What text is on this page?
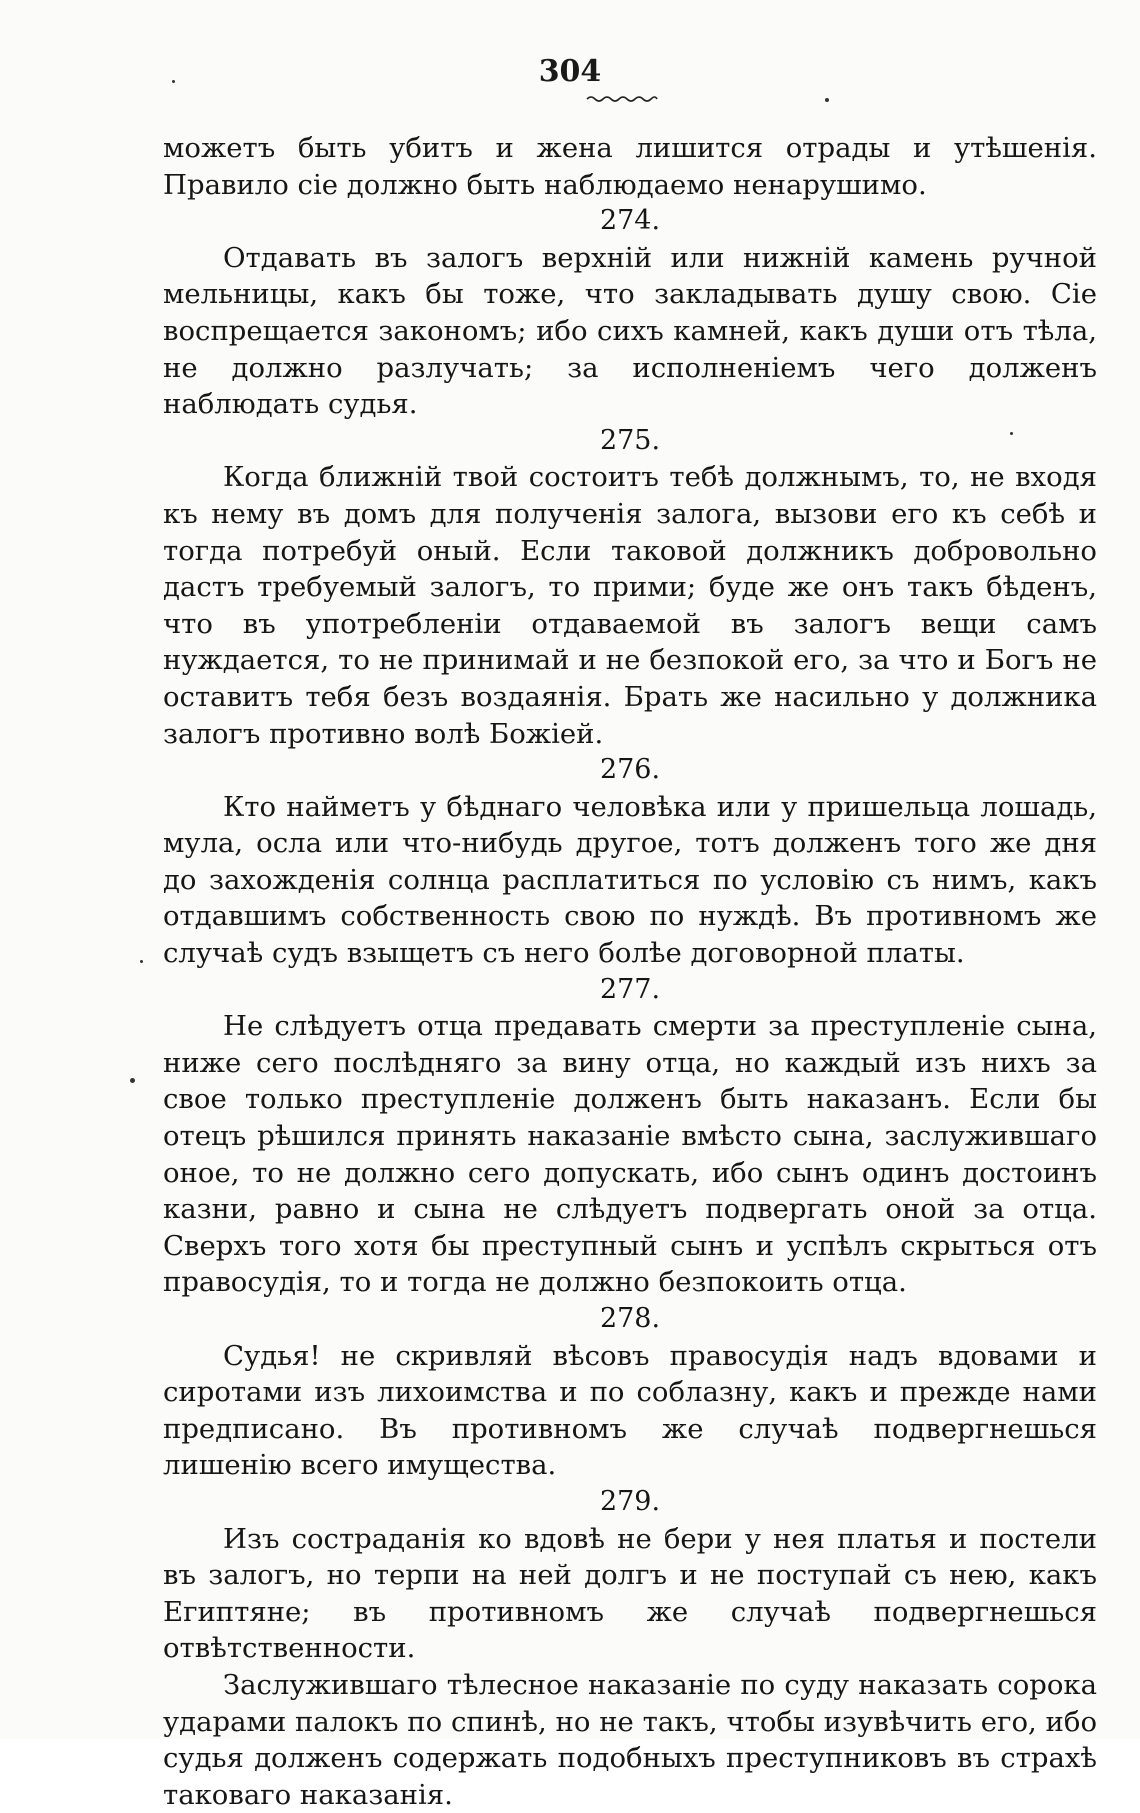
304

можетъ быть убитъ и жена лишится отрады и утѣшенія. Правило сіе должно быть наблюдаемо ненарушимо.

274.

Отдавать въ залогъ верхній или нижній камень ручной мельницы, какъ бы тоже, что закладывать душу свою. Сіе воспрещается закономъ; ибо сихъ камней, какъ души отъ тѣла, не должно разлучать; за исполненіемъ чего долженъ наблюдать судья.

275.

Когда ближній твой состоитъ тебѣ должнымъ, то, не входя къ нему въ домъ для полученія залога, вызови его къ себѣ и тогда потребуй оный. Если таковой должникъ добровольно дастъ требуемый залогъ, то прими; буде же онъ такъ бѣденъ, что въ употребленіи отдаваемой въ залогъ вещи самъ нуждается, то не принимай и не безпокой его, за что и Богъ не оставитъ тебя безъ воздаянія. Брать же насильно у должника залогъ противно волѣ Божіей.

276.

Кто найметъ у бѣднаго человѣка или у пришельца лошадь, мула, осла или что-нибудь другое, тотъ долженъ того же дня до захожденія солнца расплатиться по условію съ нимъ, какъ отдавшимъ собственность свою по нуждѣ. Въ противномъ же случаѣ судъ взыщетъ съ него болѣе договорной платы.

277.

Не слѣдуетъ отца предавать смерти за преступленіе сына, ниже сего послѣдняго за вину отца, но каждый изъ нихъ за свое только преступленіе долженъ быть наказанъ. Если бы отецъ рѣшился принять наказаніе вмѣсто сына, заслужившаго оное, то не должно сего допускать, ибо сынъ одинъ достоинъ казни, равно и сына не слѣдуетъ подвергать оной за отца. Сверхъ того хотя бы преступный сынъ и успѣлъ скрыться отъ правосудія, то и тогда не должно безпокоить отца.

278.

Судья! не скривляй вѣсовъ правосудія надъ вдовами и сиротами изъ лихоимства и по соблазну, какъ и прежде нами предписано. Въ противномъ же случаѣ подвергнешься лишенію всего имущества.

279.

Изъ состраданія ко вдовѣ не бери у нея платья и постели въ залогъ, но терпи на ней долгъ и не поступай съ нею, какъ Египтяне; въ противномъ же случаѣ подвергнешься отвѣтственности.

Заслужившаго тѣлесное наказаніе по суду наказать сорока ударами палокъ по спинѣ, но не такъ, чтобы изувѣчить его, ибо судья долженъ содержать подобныхъ преступниковъ въ страхѣ таковаго наказанія.
